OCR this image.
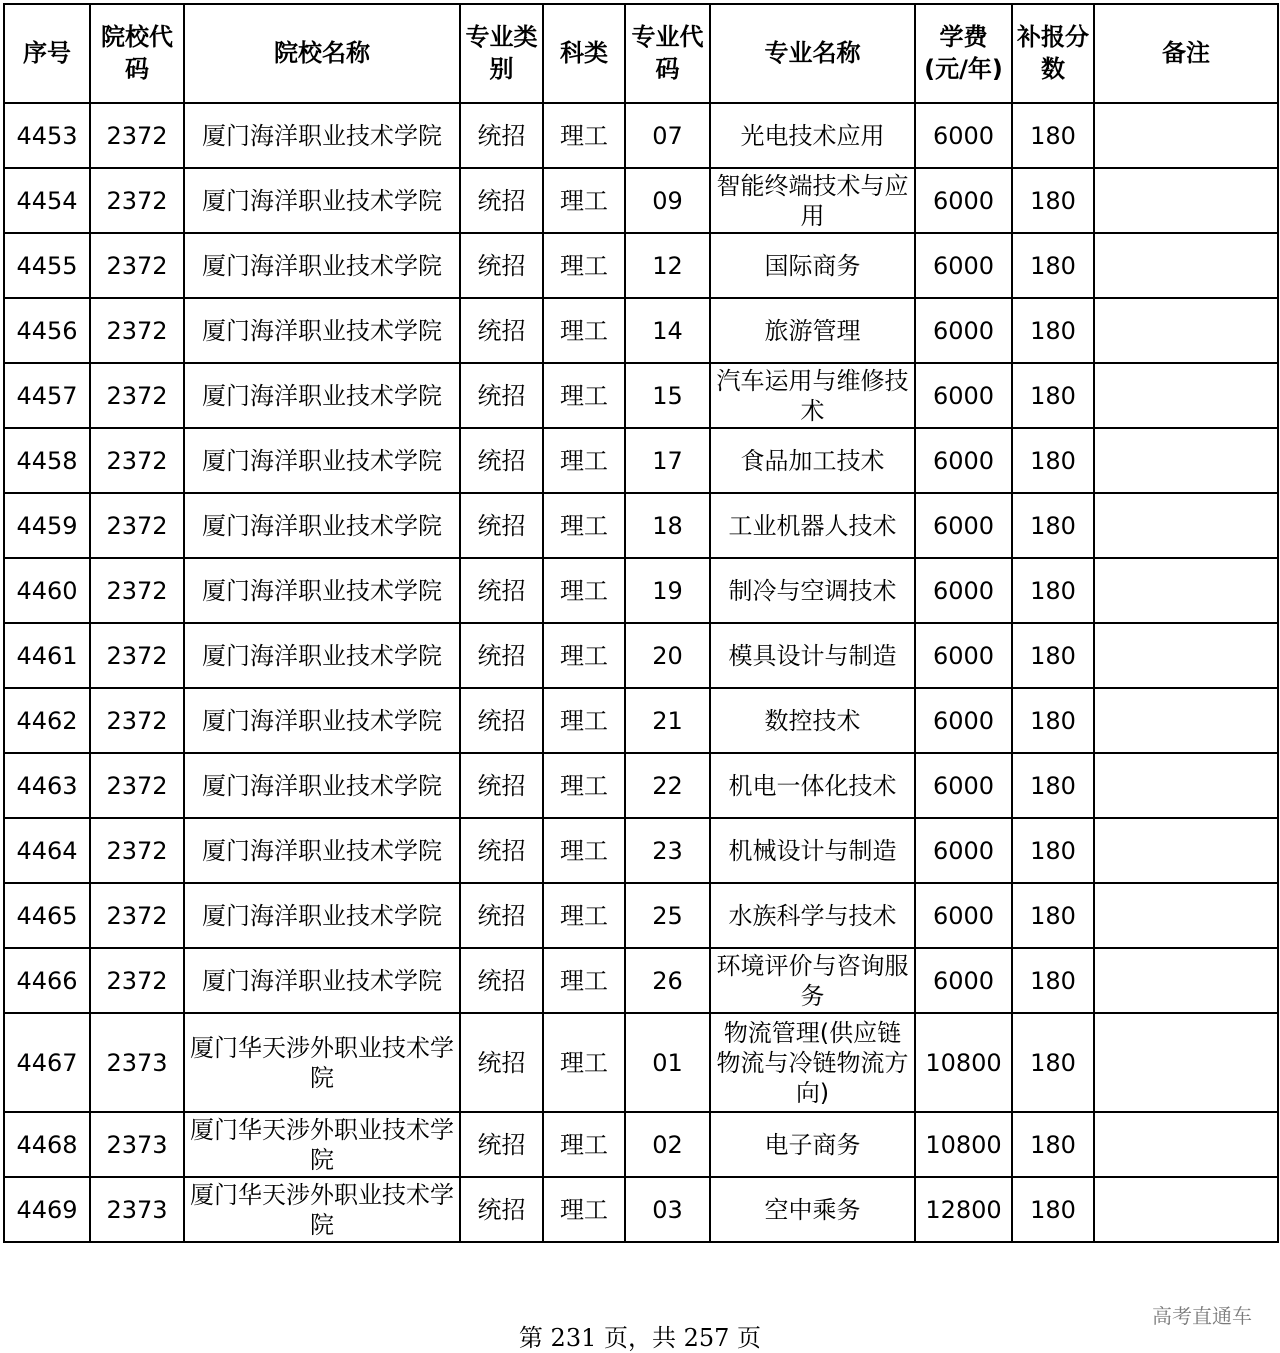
序号	院校代码	院校名称	专业类别	科类	专业代码	专业名称	学费(元/年)	补报分数	备注
4453	2372	厦门海洋职业技术学院	统招	理工	07	光电技术应用	6000	180	
4454	2372	厦门海洋职业技术学院	统招	理工	09	智能终端技术与应用	6000	180	
4455	2372	厦门海洋职业技术学院	统招	理工	12	国际商务	6000	180	
4456	2372	厦门海洋职业技术学院	统招	理工	14	旅游管理	6000	180	
4457	2372	厦门海洋职业技术学院	统招	理工	15	汽车运用与维修技术	6000	180	
4458	2372	厦门海洋职业技术学院	统招	理工	17	食品加工技术	6000	180	
4459	2372	厦门海洋职业技术学院	统招	理工	18	工业机器人技术	6000	180	
4460	2372	厦门海洋职业技术学院	统招	理工	19	制冷与空调技术	6000	180	
4461	2372	厦门海洋职业技术学院	统招	理工	20	模具设计与制造	6000	180	
4462	2372	厦门海洋职业技术学院	统招	理工	21	数控技术	6000	180	
4463	2372	厦门海洋职业技术学院	统招	理工	22	机电一体化技术	6000	180	
4464	2372	厦门海洋职业技术学院	统招	理工	23	机械设计与制造	6000	180	
4465	2372	厦门海洋职业技术学院	统招	理工	25	水族科学与技术	6000	180	
4466	2372	厦门海洋职业技术学院	统招	理工	26	环境评价与咨询服务	6000	180	
4467	2373	厦门华天涉外职业技术学院	统招	理工	01	物流管理(供应链物流与冷链物流方向)	10800	180	
4468	2373	厦门华天涉外职业技术学院	统招	理工	02	电子商务	10800	180	
4469	2373	厦门华天涉外职业技术学院	统招	理工	03	空中乘务	12800	180	
第 231 页，共 257 页
高考直通车
